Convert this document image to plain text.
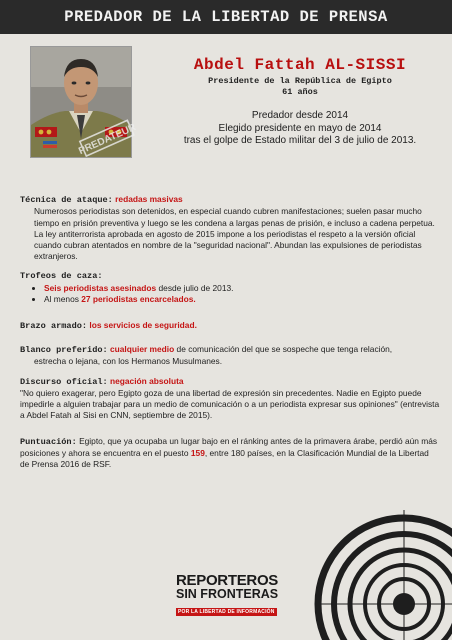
PREDADOR DE LA LIBERTAD DE PRENSA
PREDATEUR
Abdel Fattah AL-SISSI
Presidente de la República de Egipto
61 años
Predador desde 2014
Elegido presidente en mayo de 2014
tras el golpe de Estado militar del 3 de julio de 2013.
Técnica de ataque: redadas masivas
Numerosos periodistas son detenidos, en especial cuando cubren manifestaciones; suelen pasar mucho tiempo en prisión preventiva y luego se les condena a largas penas de prisión, e incluso a cadena perpetua. La ley antiterrorista aprobada en agosto de 2015 impone a los periodistas el respeto a la versión oficial cuando cubran atentados en nombre de la "seguridad nacional". Abundan las expulsiones de periodistas extranjeros.
Trofeos de caza:
• Seis periodistas asesinados desde julio de 2013.
• Al menos 27 periodistas encarcelados.
Brazo armado: los servicios de seguridad.
Blanco preferido: cualquier medio de comunicación del que se sospeche que tenga relación,
estrecha o lejana, con los Hermanos Musulmanes.
Discurso oficial: negación absoluta
"No quiero exagerar, pero Egipto goza de una libertad de expresión sin precedentes. Nadie en Egipto puede impedirle a alguien trabajar para un medio de comunicación o a un periodista expresar sus opiniones" (entrevista a Abdel Fatah al Sisi en CNN, septiembre de 2015).
Puntuación: Egipto, que ya ocupaba un lugar bajo en el ránking antes de la primavera árabe, perdió aún más posiciones y ahora se encuentra en el puesto 159, entre 180 países, en la Clasificación Mundial de la Libertad de Prensa 2016 de RSF.
REPORTEROS
SIN FRONTERAS
POR LA LIBERTAD DE INFORMACIÓN
